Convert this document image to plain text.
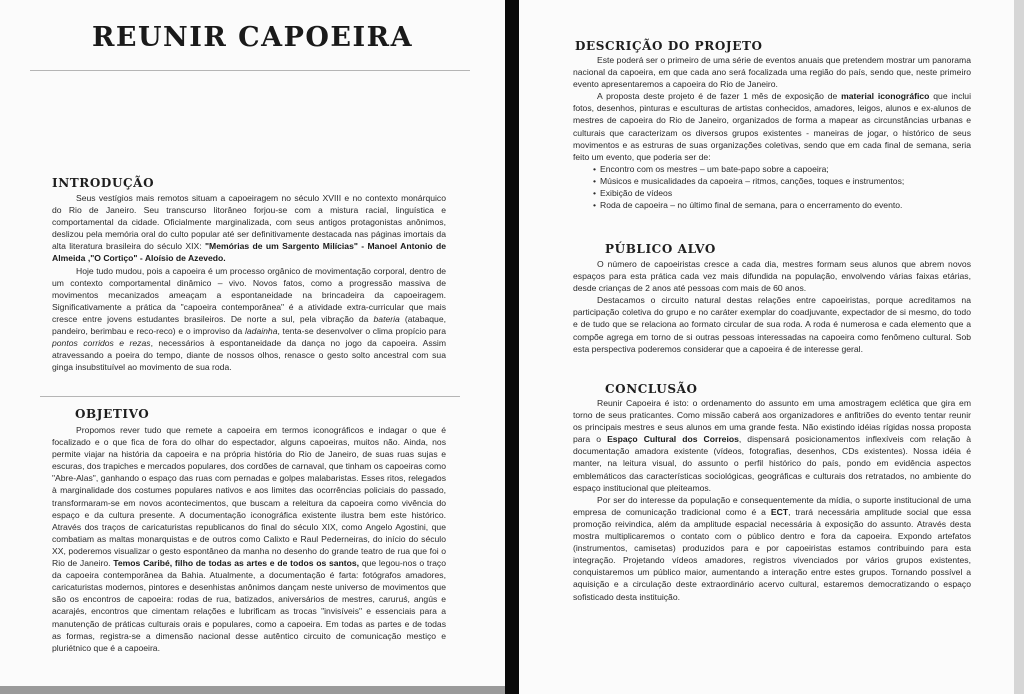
REUNIR CAPOEIRA
INTRODUÇÃO

Seus vestígios mais remotos situam a capoeiragem no século XVIII e no contexto monárquico do Rio de Janeiro. Seu transcurso litorâneo forjou-se com a mistura racial, linguística e comportamental da cidade. Oficialmente marginalizada, com seus antigos protagonistas anônimos, deslizou pela memória oral do culto popular até ser definitivamente destacada nas páginas imortais da alta literatura brasileira do século XIX: "Memórias de um Sargento Milícias" - Manoel Antonio de Almeida ,"O Cortiço" - Aloísio de Azevedo.

Hoje tudo mudou, pois a capoeira é um processo orgânico de movimentação corporal, dentro de um contexto comportamental dinâmico – vivo. Novos fatos, como a progressão massiva de movimentos mecanizados ameaçam a espontaneidade na brincadeira da capoeiragem. Significativamente a prática da "capoeira contemporânea" é a atividade extra-curricular que mais cresce entre jovens estudantes brasileiros. De norte a sul, pela vibração da bateria (atabaque, pandeiro, berimbau e reco-reco) e o improviso da ladainha, tenta-se desenvolver o clima propício para pontos corridos e rezas, necessários à espontaneidade da dança no jogo da capoeira. Assim atravessando a poeira do tempo, diante de nossos olhos, renasce o gesto solto ancestral com sua ginga insubstituível ao movimento de sua roda.

OBJETIVO

Propomos rever tudo que remete a capoeira em termos iconográficos e indagar o que é focalizado e o que fica de fora do olhar do espectador, alguns capoeiras, muitos não. Ainda, nos permite viajar na história da capoeira e na própria história do Rio de Janeiro, de suas ruas sujas e escuras, dos trapiches e mercados populares, dos cordões de carnaval, que tinham os capoeiras como "Abre-Alas", ganhando o espaço das ruas com pernadas e golpes malabaristas. Esses ritos, relegados à marginalidade dos costumes populares nativos e aos limites das ocorrências policiais do passado, transformaram-se em novos acontecimentos, que buscam a releitura da capoeira como vivência do espaço e da cultura presente. A documentação iconográfica existente ilustra bem este histórico. Através dos traços de caricaturistas republicanos do final do século XIX, como Angelo Agostini, que combatiam as maltas monarquistas e de outros como Calixto e Raul Pederneiras, do início do século XX, poderemos visualizar o gesto espontâneo da manha no desenho do grande teatro de rua que foi o Rio de Janeiro. Temos Caribé, filho de todas as artes e de todos os santos, que legou-nos o traço da capoeira contemporânea da Bahia. Atualmente, a documentação é farta: fotógrafos amadores, caricaturistas modernos, pintores e desenhistas anônimos dançam neste universo de movimentos que são os encontros de capoeira: rodas de rua, batizados, aniversários de mestres, caruruś, angús e acarajés, encontros que cimentam relações e lubrificam as trocas "invisíveis" e essenciais para a manutenção de práticas culturais orais e populares, como a capoeira. Em todas as partes e de todas as formas, registra-se a dimensão nacional desse autêntico circuito de comunicação mestiço e pluriétnico que é a capoeira.

DESCRIÇÃO DO PROJETO

Este poderá ser o primeiro de uma série de eventos anuais que pretendem mostrar um panorama nacional da capoeira, em que cada ano será focalizada uma região do país, sendo que, neste primeiro evento apresentaremos a capoeira do Rio de Janeiro.

A proposta deste projeto é de fazer 1 mês de exposição de material iconográfico que inclui fotos, desenhos, pinturas e esculturas de artistas conhecidos, amadores, leigos, alunos e ex-alunos de mestres de capoeira do Rio de Janeiro, organizados de forma a mapear as circunstâncias urbanas e culturais que caracterizam os diversos grupos existentes - maneiras de jogar, o histórico de seus movimentos e as estruras de suas organizações coletivas, sendo que em cada final de semana, seria feito um evento, que poderia ser de:

• Encontro com os mestres – um bate-papo sobre a capoeira;
• Músicos e musicalidades da capoeira – ritmos, canções, toques e instrumentos;
• Exibição de vídeos
• Roda de capoeira – no último final de semana, para o encerramento do evento.
PÚBLICO ALVO

O número de capoeiristas cresce a cada dia, mestres formam seus alunos que abrem novos espaços para esta prática cada vez mais difundida na população, envolvendo várias faixas etárias, desde crianças de 2 anos até pessoas com mais de 60 anos.

Destacamos o circuito natural destas relações entre capoeiristas, porque acreditamos na participação coletiva do grupo e no caráter exemplar do coadjuvante, expectador de si mesmo, do todo e de tudo que se relaciona ao formato circular de sua roda. A roda é numerosa e cada elemento que a compõe agrega em torno de si outras pessoas interessadas na capoeira como fenômeno cultural. Sob esta perspectiva poderemos considerar que a capoeira é de interesse geral.

CONCLUSÃO

Reunir Capoeira é isto: o ordenamento do assunto em uma amostragem eclética que gira em torno de seus praticantes. Como missão caberá aos organizadores e anfitriões do evento tentar reunir os principais mestres e seus alunos em uma grande festa. Não existindo idéias rígidas nossa proposta para o Espaço Cultural dos Correios, dispensará posicionamentos inflexíveis com relação à documentação amadora existente (vídeos, fotografias, desenhos, CDs existentes). Nossa idéia é manter, na leitura visual, do assunto o perfil histórico do país, pondo em evidência aspectos emblemáticos das características sociológicas, geográficas e culturais dos retratados, no ambiente do espaço institucional que pleiteamos.

Por ser do interesse da população e consequentemente da mídia, o suporte institucional de uma empresa de comunicação tradicional como é a ECT, trará necessária amplitude social que essa promoção reivindica, além da amplitude espacial necessária à exposição do assunto. Através desta mostra multiplicaremos o contato com o público dentro e fora da capoeira. Expondo artefatos (instrumentos, camisetas) produzidos para e por capoeiristas estamos contribuindo para esta integração. Projetando vídeos amadores, registros vivenciados por vários grupos existentes, conquistaremos um público maior, aumentando a interação entre estes grupos. Tornando possível a aquisição e a circulação deste extraordinário acervo cultural, estaremos democratizando o espaço sofisticado desta instituição.
